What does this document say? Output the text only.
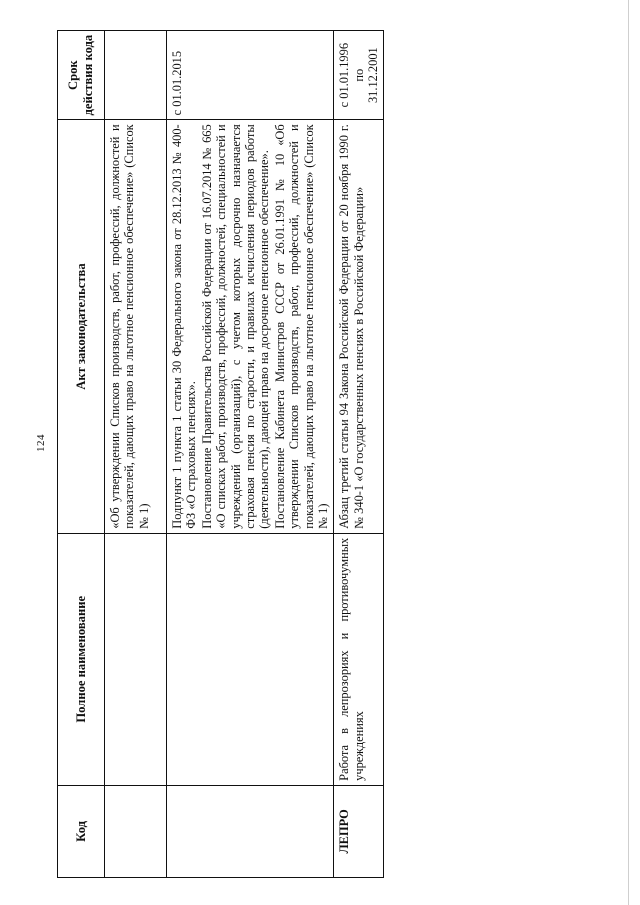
124
Код	Полное наименование	Акт законодательства	Срок действия кода

		«Об утверждении Списков производств, работ, профессий, должностей и показателей, дающих право на льготное пенсионное обеспечение» (Список № 1)	

		Подпункт 1 пункта 1 статьи 30 Федерального закона от 28.12.2013 № 400-ФЗ «О страховых пенсиях». Постановление Правительства Российской Федерации от 16.07.2014 № 665 «О списках работ, производств, профессий, должностей, специальностей и учреждений (организаций), с учетом которых досрочно назначается страховая пенсия по старости, и правилах исчисления периодов работы (деятельности), дающей право на досрочное пенсионное обеспечение». Постановление Кабинета Министров СССР от 26.01.1991 № 10 «Об утверждении Списков производств, работ, профессий, должностей и показателей, дающих право на льготное пенсионное обеспечение» (Список № 1)	с 01.01.2015
ЛЕПРО	Работа в лепрозориях и противочумных учреждениях	Абзац третий статьи 94 Закона Российской Федерации от 20 ноября 1990 г. № 340-1 «О государственных пенсиях в Российской Федерации»	с 01.01.1996 по 31.12.2001
